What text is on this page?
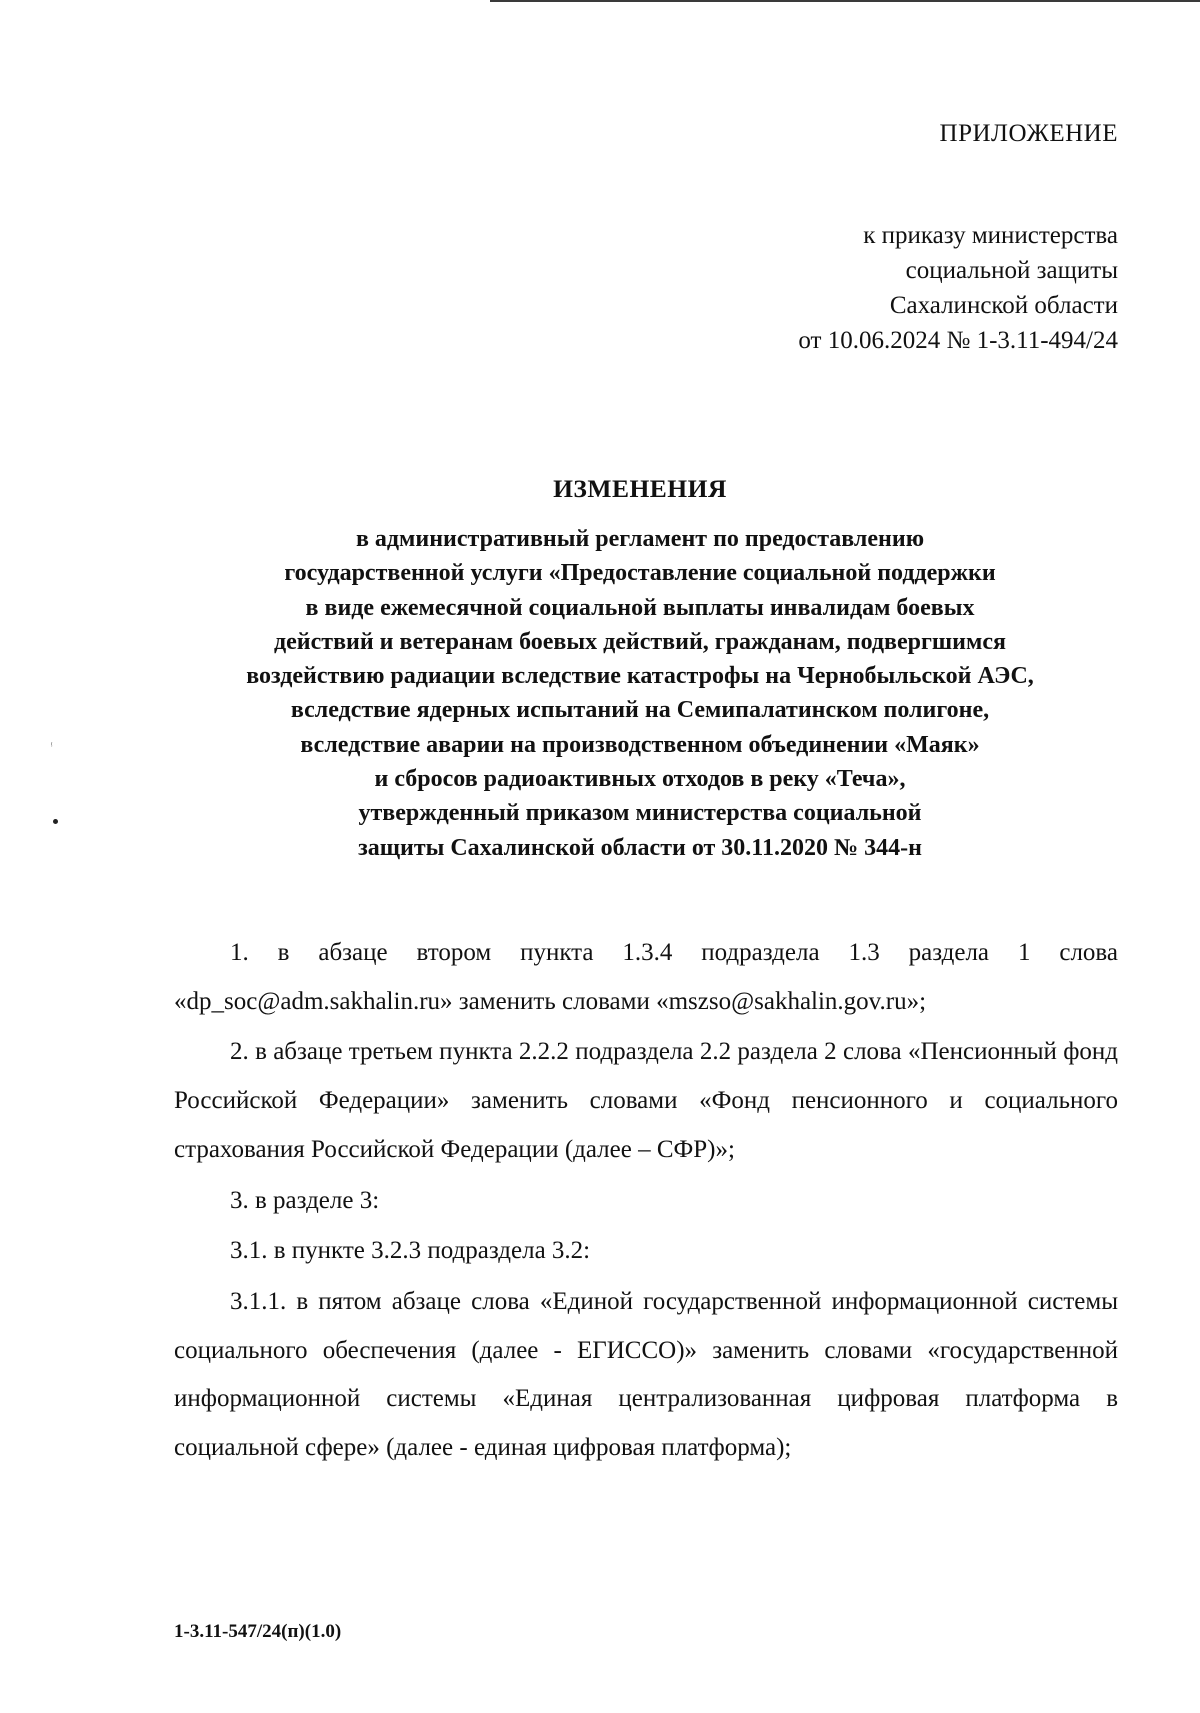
ᵎ
ПРИЛОЖЕНИЕ
к приказу министерства
социальной защиты
Сахалинской области
от 10.06.2024 № 1-3.11-494/24
ИЗМЕНЕНИЯ
в административный регламент по предоставлению
государственной услуги «Предоставление социальной поддержки
в виде ежемесячной социальной выплаты инвалидам боевых
действий и ветеранам боевых действий, гражданам, подвергшимся
воздействию радиации вследствие катастрофы на Чернобыльской АЭС,
вследствие ядерных испытаний на Семипалатинском полигоне,
вследствие аварии на производственном объединении «Маяк»
и сбросов радиоактивных отходов в реку «Теча»,
утвержденный приказом министерства социальной
защиты Сахалинской области от 30.11.2020 № 344-н

1. в абзаце втором пункта 1.3.4 подраздела 1.3 раздела 1 слова «dp_soc@adm.sakhalin.ru» заменить словами «mszso@sakhalin.gov.ru»;

2. в абзаце третьем пункта 2.2.2 подраздела 2.2 раздела 2 слова «Пенсионный фонд Российской Федерации» заменить словами «Фонд пенсионного и социального страхования Российской Федерации (далее – СФР)»;

3. в разделе 3:

3.1. в пункте 3.2.3 подраздела 3.2:

3.1.1. в пятом абзаце слова «Единой государственной информационной системы социального обеспечения (далее - ЕГИССО)» заменить словами «государственной информационной системы «Единая централизованная цифровая платформа в социальной сфере» (далее - единая цифровая платформа);

1-3.11-547/24(п)(1.0)
